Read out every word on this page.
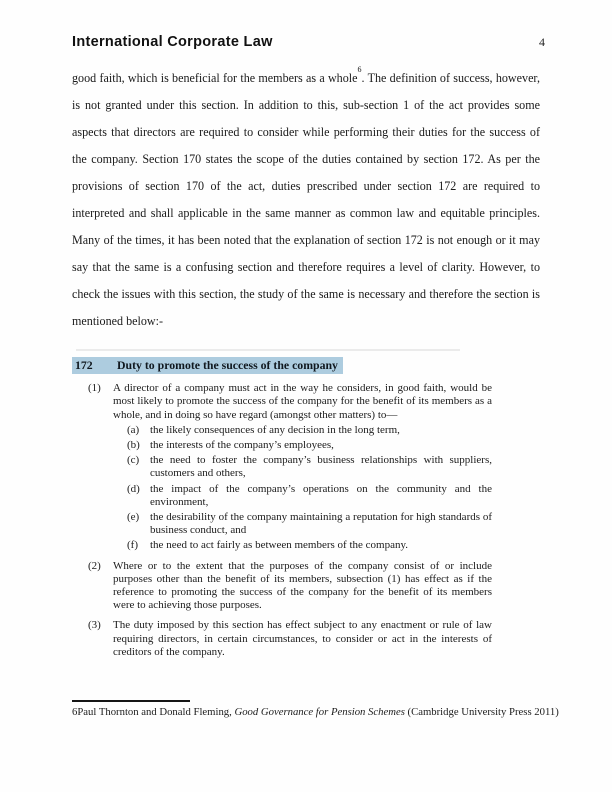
International Corporate Law	4

good faith, which is beneficial for the members as a whole$^6$. The definition of success, however, is not granted under this section. In addition to this, sub-section 1 of the act provides some aspects that directors are required to consider while performing their duties for the success of the company. Section 170 states the scope of the duties contained by section 172. As per the provisions of section 170 of the act, duties prescribed under section 172 are required to interpreted and shall applicable in the same manner as common law and equitable principles. Many of the times, it has been noted that the explanation of section 172 is not enough or it may say that the same is a confusing section and therefore requires a level of clarity. However, to check the issues with this section, the study of the same is necessary and therefore the section is mentioned below:-

172 Duty to promote the success of the company
(1)	A director of a company must act in the way he considers, in good faith, would be most likely to promote the success of the company for the benefit of its members as a whole, and in doing so have regard (amongst other matters) to—
(a) the likely consequences of any decision in the long term,
(b) the interests of the company’s employees,
(c) the need to foster the company’s business relationships with suppliers, customers and others,
(d) the impact of the company’s operations on the community and the environment,
(e) the desirability of the company maintaining a reputation for high standards of business conduct, and
(f)	the need to act fairly as between members of the company.
(2)	Where or to the extent that the purposes of the company consist of or include purposes other than the benefit of its members, subsection (1) has effect as if the reference to promoting the success of the company for the benefit of its members were to achieving those purposes.
(3)	The duty imposed by this section has effect subject to any enactment or rule of law requiring directors, in certain circumstances, to consider or act in the interests of creditors of the company.

6Paul Thornton and Donald Fleming, Good Governance for Pension Schemes (Cambridge University Press 2011)
